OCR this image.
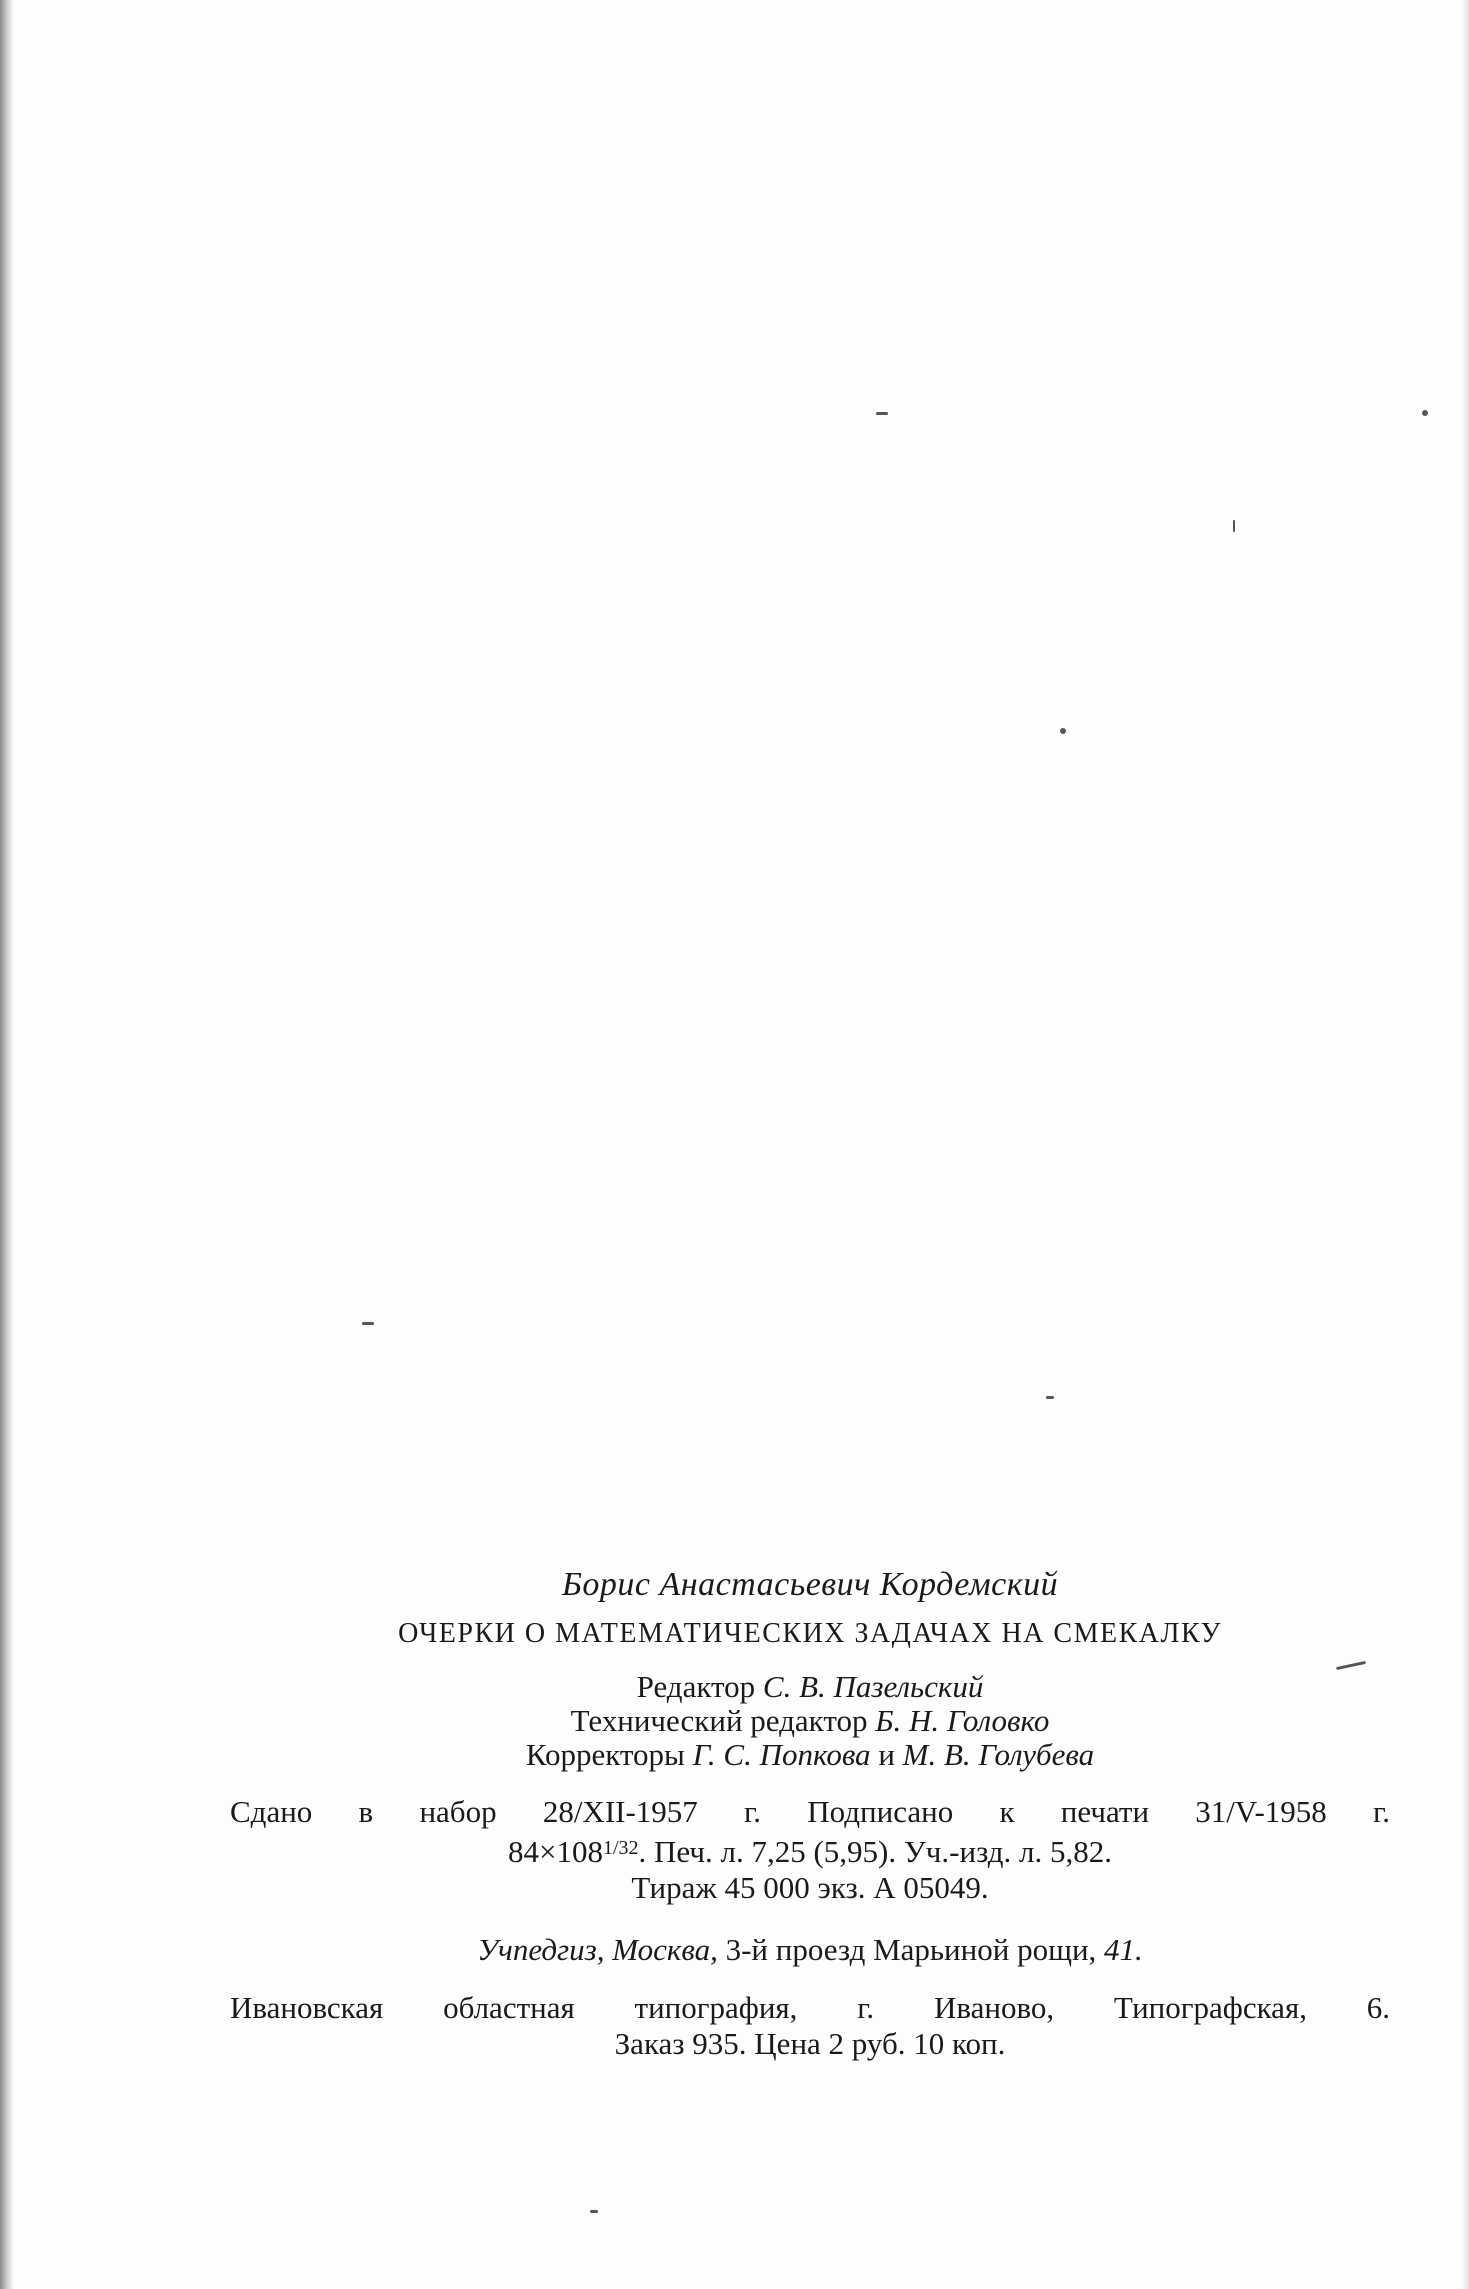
Борис Анастасьевич Кордемский

ОЧЕРКИ О МАТЕМАТИЧЕСКИХ ЗАДАЧАХ НА СМЕКАЛКУ

Редактор С. В. Пазельский

Технический редактор Б. Н. Головко

Корректоры Г. С. Попкова и М. В. Голубева

Сдано в набор 28/XII-1957 г. Подписано к печати 31/V-1958 г.

$84\times 108^{1/32}$. Печ. л. 7,25 (5,95). Уч.-изд. л. 5,82.

Тираж 45 000 экз. А 05049.

Учпедгиз, Москва, 3-й проезд Марьиной рощи, 41.

Ивановская областная типография, г. Иваново, Типографская, 6.

Заказ 935. Цена 2 руб. 10 коп.
